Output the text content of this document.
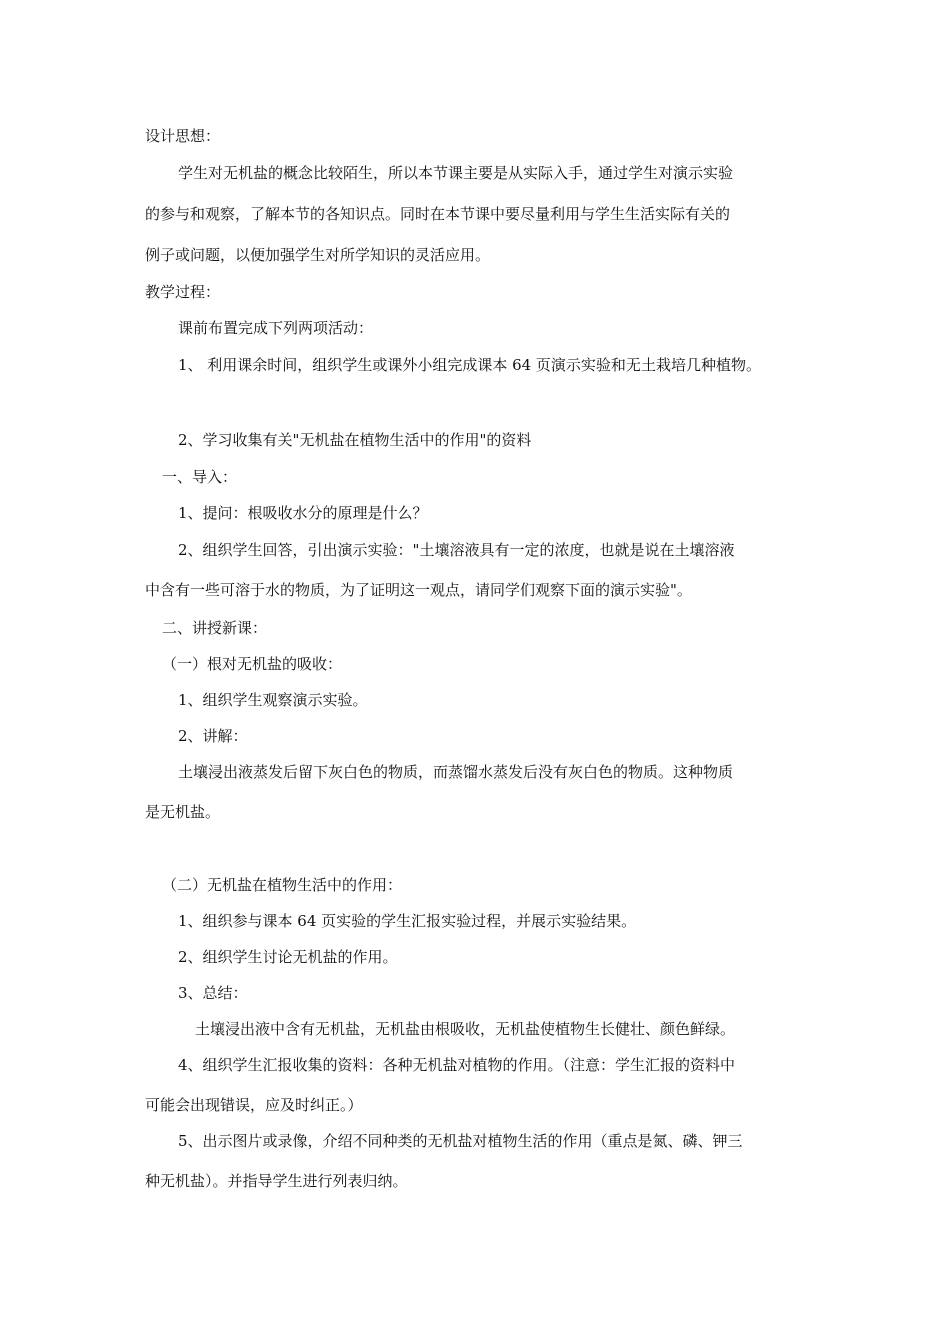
设计思想：
学生对无机盐的概念比较陌生，所以本节课主要是从实际入手，通过学生对演示实验
的参与和观察，了解本节的各知识点。同时在本节课中要尽量利用与学生生活实际有关的
例子或问题，以便加强学生对所学知识的灵活应用。
教学过程：
课前布置完成下列两项活动：
1、 利用课余时间，组织学生或课外小组完成课本 64 页演示实验和无土栽培几种植物。
2、学习收集有关"无机盐在植物生活中的作用"的资料
一、导入：
1、提问：根吸收水分的原理是什么？
2、组织学生回答，引出演示实验："土壤溶液具有一定的浓度，也就是说在土壤溶液
中含有一些可溶于水的物质，为了证明这一观点，请同学们观察下面的演示实验"。
二、讲授新课：
（一）根对无机盐的吸收：
1、组织学生观察演示实验。
2、讲解：
土壤浸出液蒸发后留下灰白色的物质，而蒸馏水蒸发后没有灰白色的物质。这种物质
是无机盐。
（二）无机盐在植物生活中的作用：
1、组织参与课本 64 页实验的学生汇报实验过程，并展示实验结果。
2、组织学生讨论无机盐的作用。
3、总结：
土壤浸出液中含有无机盐，无机盐由根吸收，无机盐使植物生长健壮、颜色鲜绿。
4、组织学生汇报收集的资料：各种无机盐对植物的作用。（注意：学生汇报的资料中
可能会出现错误，应及时纠正。）
5、出示图片或录像，介绍不同种类的无机盐对植物生活的作用（重点是氮、磷、钾三
种无机盐）。并指导学生进行列表归纳。
